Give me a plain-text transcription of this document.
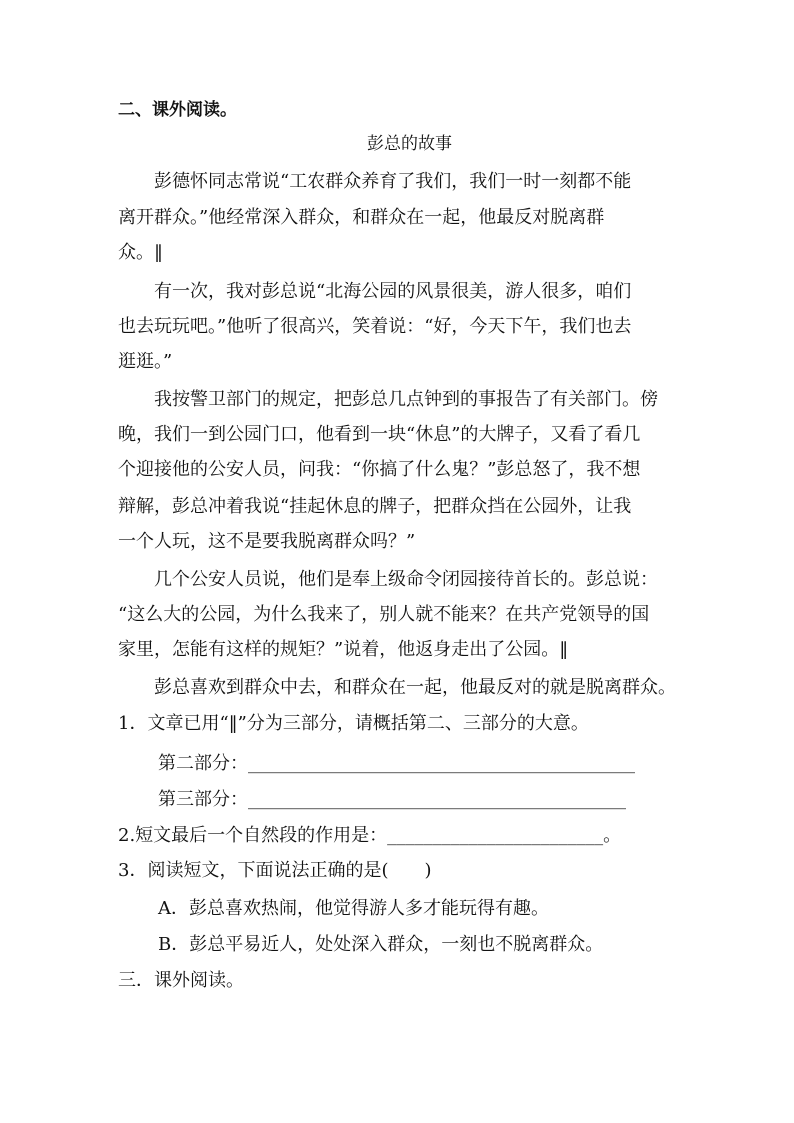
二、课外阅读。
彭总的故事
彭德怀同志常说“工农群众养育了我们，我们一时一刻都不能
离开群众。”他经常深入群众，和群众在一起，他最反对脱离群
众。‖
有一次，我对彭总说“北海公园的风景很美，游人很多，咱们
也去玩玩吧。”他听了很高兴，笑着说：“好，今天下午，我们也去
逛逛。”
我按警卫部门的规定，把彭总几点钟到的事报告了有关部门。傍
晚，我们一到公园门口，他看到一块“休息”的大牌子，又看了看几
个迎接他的公安人员，问我：“你搞了什么鬼？”彭总怒了，我不想
辩解，彭总冲着我说“挂起休息的牌子，把群众挡在公园外，让我
一个人玩，这不是要我脱离群众吗？”
几个公安人员说，他们是奉上级命令闭园接待首长的。彭总说：
“这么大的公园，为什么我来了，别人就不能来？在共产党领导的国
家里，怎能有这样的规矩？”说着，他返身走出了公园。‖
彭总喜欢到群众中去，和群众在一起，他最反对的就是脱离群众。
1．文章已用“‖”分为三部分，请概括第二、三部分的大意。
第二部分：___________________________________________
第三部分：__________________________________________
2.短文最后一个自然段的作用是：________________________。
3．阅读短文，下面说法正确的是(　　)
A．彭总喜欢热闹，他觉得游人多才能玩得有趣。
B．彭总平易近人，处处深入群众，一刻也不脱离群众。
三．课外阅读。
